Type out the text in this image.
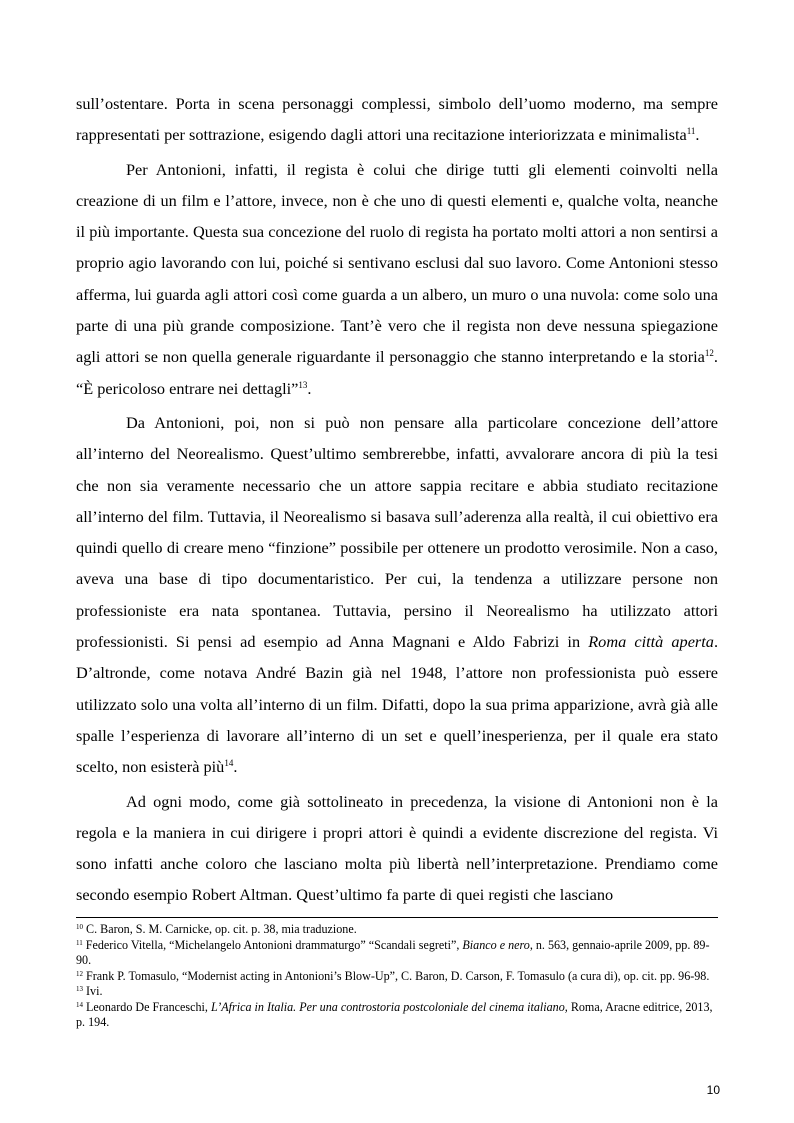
sull’ostentare. Porta in scena personaggi complessi, simbolo dell’uomo moderno, ma sempre rappresentati per sottrazione, esigendo dagli attori una recitazione interiorizzata e minimalista$^{11}$.

Per Antonioni, infatti, il regista è colui che dirige tutti gli elementi coinvolti nella creazione di un film e l’attore, invece, non è che uno di questi elementi e, qualche volta, neanche il più importante. Questa sua concezione del ruolo di regista ha portato molti attori a non sentirsi a proprio agio lavorando con lui, poiché si sentivano esclusi dal suo lavoro. Come Antonioni stesso afferma, lui guarda agli attori così come guarda a un albero, un muro o una nuvola: come solo una parte di una più grande composizione. Tant’è vero che il regista non deve nessuna spiegazione agli attori se non quella generale riguardante il personaggio che stanno interpretando e la storia$^{12}$. “È pericoloso entrare nei dettagli”$^{13}$.

Da Antonioni, poi, non si può non pensare alla particolare concezione dell’attore all’interno del Neorealismo. Quest’ultimo sembrerebbe, infatti, avvalorare ancora di più la tesi che non sia veramente necessario che un attore sappia recitare e abbia studiato recitazione all’interno del film. Tuttavia, il Neorealismo si basava sull’aderenza alla realtà, il cui obiettivo era quindi quello di creare meno “finzione” possibile per ottenere un prodotto verosimile. Non a caso, aveva una base di tipo documentaristico. Per cui, la tendenza a utilizzare persone non professioniste era nata spontanea. Tuttavia, persino il Neorealismo ha utilizzato attori professionisti. Si pensi ad esempio ad Anna Magnani e Aldo Fabrizi in Roma città aperta. D’altronde, come notava André Bazin già nel 1948, l’attore non professionista può essere utilizzato solo una volta all’interno di un film. Difatti, dopo la sua prima apparizione, avrà già alle spalle l’esperienza di lavorare all’interno di un set e quell’inesperienza, per il quale era stato scelto, non esisterà più$^{14}$.

Ad ogni modo, come già sottolineato in precedenza, la visione di Antonioni non è la regola e la maniera in cui dirigere i propri attori è quindi a evidente discrezione del regista. Vi sono infatti anche coloro che lasciano molta più libertà nell’interpretazione. Prendiamo come secondo esempio Robert Altman. Quest’ultimo fa parte di quei registi che lasciano

$^{10}$ C. Baron, S. M. Carnicke, op. cit. p. 38, mia traduzione.

$^{11}$ Federico Vitella, “Michelangelo Antonioni drammaturgo” “Scandali segreti”, Bianco e nero, n. 563, gennaio-aprile 2009, pp. 89-90.

$^{12}$ Frank P. Tomasulo, “Modernist acting in Antonioni’s Blow-Up”, C. Baron, D. Carson, F. Tomasulo (a cura di), op. cit. pp. 96-98.

$^{13}$ Ivi.

$^{14}$ Leonardo De Franceschi, L’Africa in Italia. Per una controstoria postcoloniale del cinema italiano, Roma, Aracne editrice, 2013, p. 194.

10
